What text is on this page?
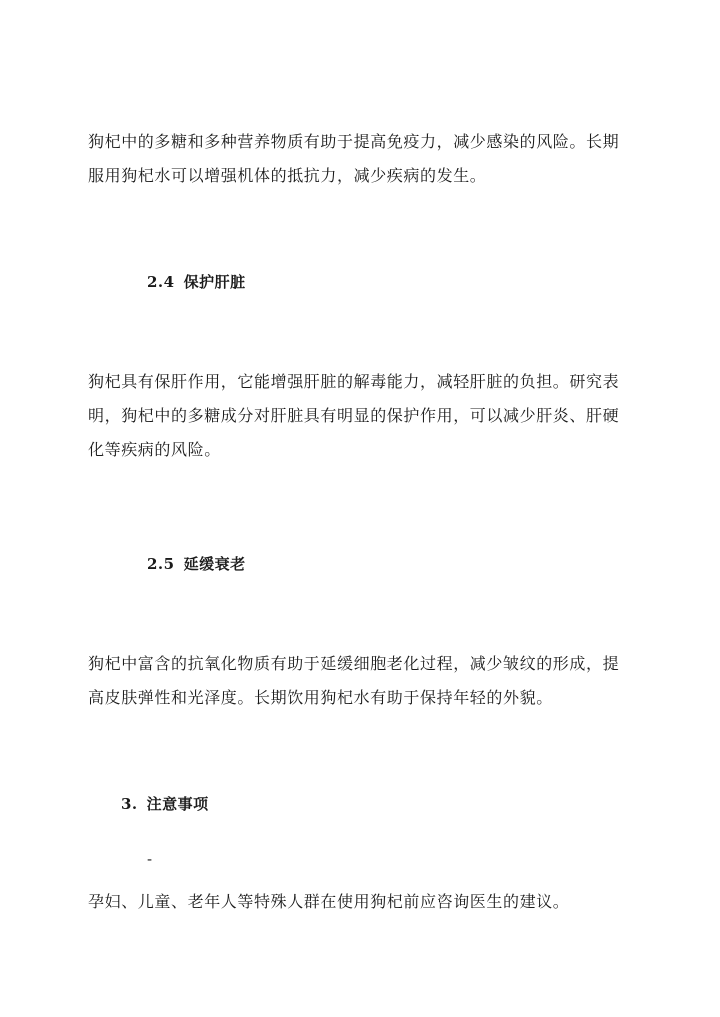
狗杞中的多糖和多种营养物质有助于提高免疫力，减少感染的风险。长期
服用狗杞水可以增强机体的抵抗力，减少疾病的发生。

2.4 保护肝脏

狗杞具有保肝作用，它能增强肝脏的解毒能力，减轻肝脏的负担。研究表
明，狗杞中的多糖成分对肝脏具有明显的保护作用，可以减少肝炎、肝硬
化等疾病的风险。

2.5 延缓衰老

狗杞中富含的抗氧化物质有助于延缓细胞老化过程，减少皱纹的形成，提
高皮肤弹性和光泽度。长期饮用狗杞水有助于保持年轻的外貌。

3. 注意事项
-

孕妇、儿童、老年人等特殊人群在使用狗杞前应咨询医生的建议。
